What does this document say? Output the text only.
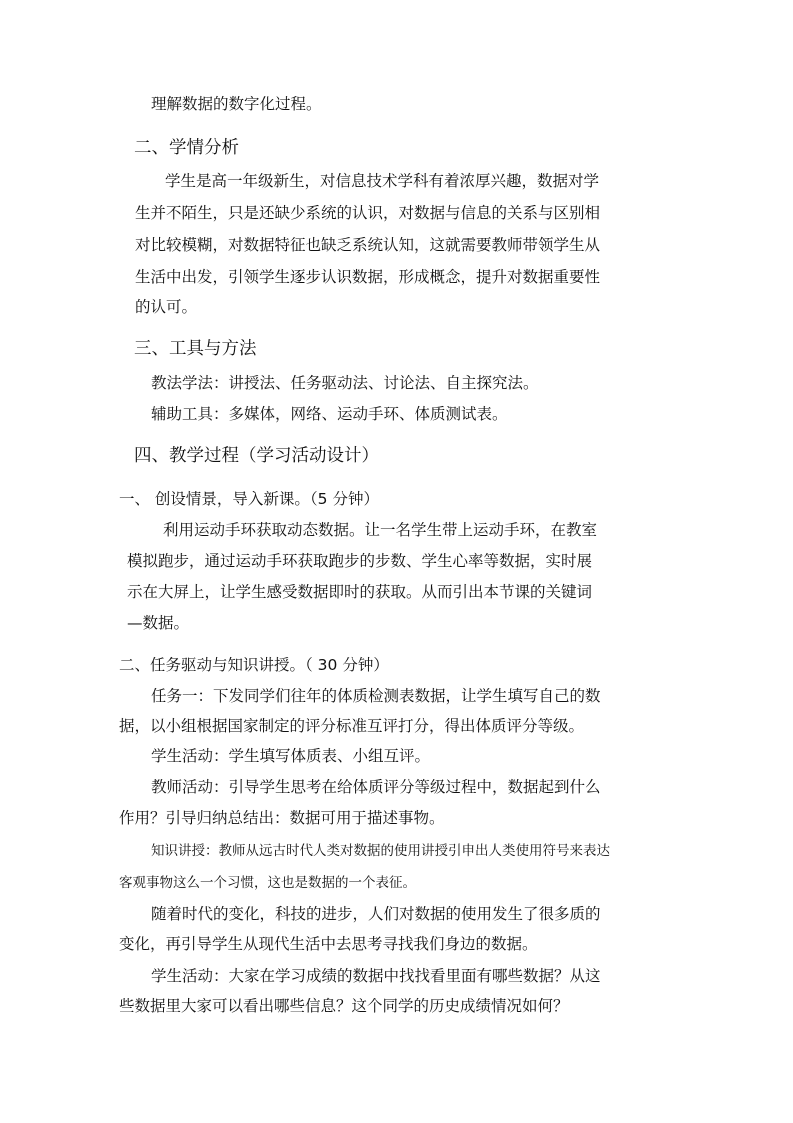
理解数据的数字化过程。
二、学情分析
学生是高一年级新生，对信息技术学科有着浓厚兴趣，数据对学
生并不陌生，只是还缺少系统的认识，对数据与信息的关系与区别相
对比较模糊，对数据特征也缺乏系统认知，这就需要教师带领学生从
生活中出发，引领学生逐步认识数据，形成概念，提升对数据重要性
的认可。
三、工具与方法
教法学法：讲授法、任务驱动法、讨论法、自主探究法。
辅助工具：多媒体，网络、运动手环、体质测试表。
四、教学过程（学习活动设计）
一、 创设情景，导入新课。（5 分钟）
利用运动手环获取动态数据。让一名学生带上运动手环，在教室
模拟跑步，通过运动手环获取跑步的步数、学生心率等数据，实时展
示在大屏上，让学生感受数据即时的获取。从而引出本节课的关键词
—数据。
二、任务驱动与知识讲授。（ 30 分钟）
任务一：下发同学们往年的体质检测表数据，让学生填写自己的数
据，以小组根据国家制定的评分标准互评打分，得出体质评分等级。
学生活动：学生填写体质表、小组互评。
教师活动：引导学生思考在给体质评分等级过程中，数据起到什么
作用？引导归纳总结出：数据可用于描述事物。
知识讲授：教师从远古时代人类对数据的使用讲授引申出人类使用符号来表达
客观事物这么一个习惯，这也是数据的一个表征。
随着时代的变化，科技的进步，人们对数据的使用发生了很多质的
变化，再引导学生从现代生活中去思考寻找我们身边的数据。
学生活动：大家在学习成绩的数据中找找看里面有哪些数据？从这
些数据里大家可以看出哪些信息？这个同学的历史成绩情况如何？
